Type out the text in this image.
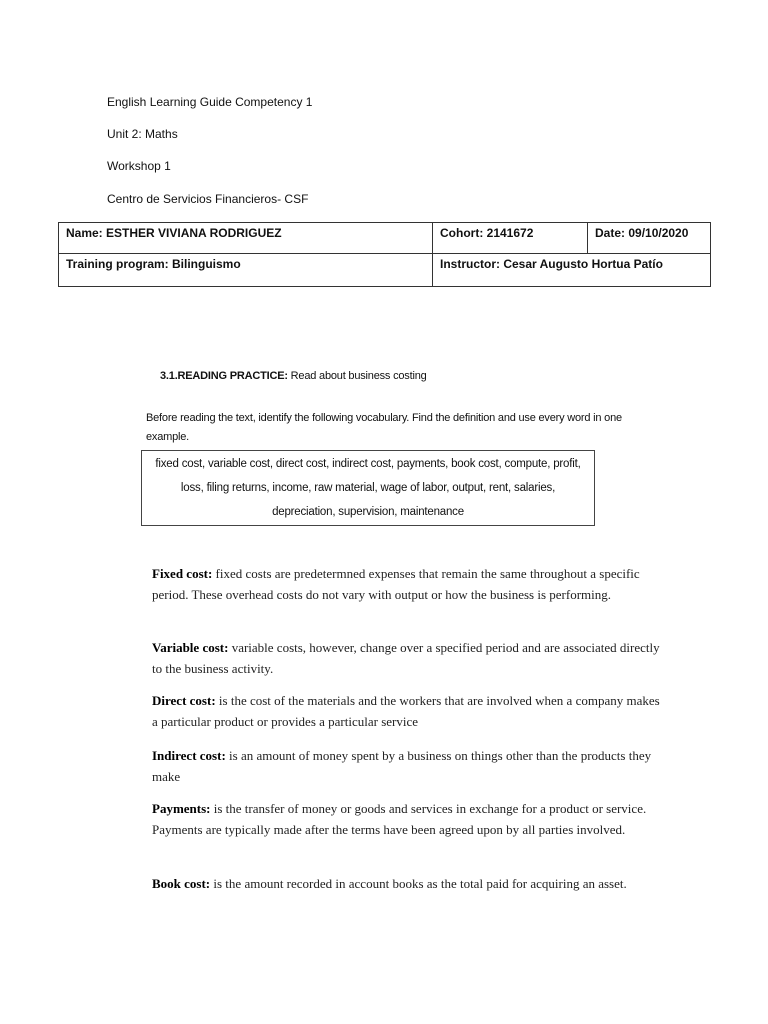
English Learning Guide Competency 1
Unit 2: Maths
Workshop 1
Centro de Servicios Financieros- CSF
Name: ESTHER VIVIANA RODRIGUEZ	Cohort: 2141672	Date: 09/10/2020
Training program: Bilinguismo	Instructor: Cesar Augusto Hortua Patío	
3.1.READING PRACTICE: Read about business costing
Before reading the text, identify the following vocabulary. Find the definition and use every word in one example.
fixed cost, variable cost, direct cost, indirect cost, payments, book cost, compute, profit,
loss, filing returns, income, raw material, wage of labor, output, rent, salaries,
depreciation, supervision, maintenance
Fixed cost: fixed costs are predetermned expenses that remain the same throughout a specific period. These overhead costs do not vary with output or how the business is performing.
Variable cost: variable costs, however, change over a specified period and are associated directly to the business activity.
Direct cost: is the cost of the materials and the workers that are involved when a company makes a particular product or provides a particular service
Indirect cost: is an amount of money spent by a business on things other than the products they make
Payments: is the transfer of money or goods and services in exchange for a product or service. Payments are typically made after the terms have been agreed upon by all parties involved.
Book cost: is the amount recorded in account books as the total paid for acquiring an asset.
